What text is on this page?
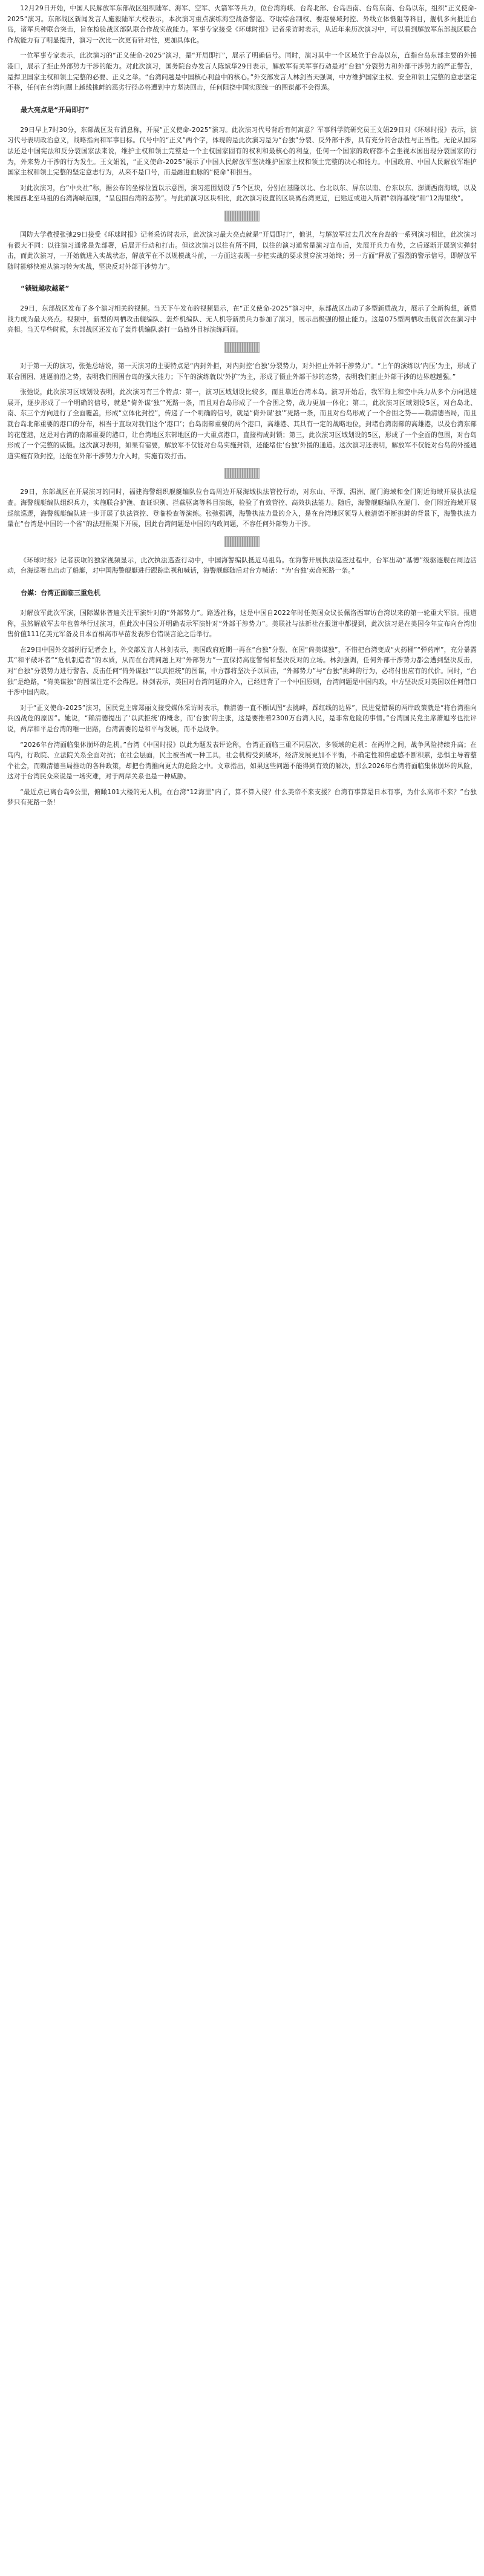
12月29日开始，中国人民解放军东部战区组织陆军、海军、空军、火箭军等兵力，位台湾海峡、台岛北部、台岛西南、台岛东南、台岛以东，组织“正义使命-2025”演习。东部战区新闻发言人施毅陆军大校表示，本次演习重点演练海空战备警巡、夺取综合制权、要港要域封控、外线立体慑阻等科目，舰机多向抵近台岛，诸军兵种联合突击，旨在检验战区部队联合作战实战能力。军事专家接受《环球时报》记者采访时表示，从近年来历次演习中，可以看到解放军东部战区联合作战能力有了明显提升，演习一次比一次更有针对性，更加具体化。

一位军事专家表示，此次演习的“正义使命-2025”演习，是“开局即打”，展示了明确信号。同时，演习其中一个区域位于台岛以东，直指台岛东部主要的外援港口，展示了拒止外部势力干涉的能力。对此次演习，国务院台办发言人陈斌华29日表示，解放军有关军事行动是对“台独”分裂势力和外部干涉势力的严正警告，是捍卫国家主权和领土完整的必要、正义之举。“台湾问题是中国核心利益中的核心。”外交部发言人林剑当天强调，中方维护国家主权、安全和领土完整的意志坚定不移，任何在台湾问题上越线挑衅的恶劣行径必将遭到中方坚决回击，任何阻挠中国实现统一的图谋都不会得逞。

最大亮点是“开局即打”

29日早上7时30分，东部战区发布消息称，开展“正义使命-2025”演习。此次演习代号背后有何寓意？军事科学院研究员王文娟29日对《环球时报》表示，演习代号表明政治意义，战略指向和军事目标。代号中的“正义”两个字，体现的是此次演习是为“台独”分裂、反外部干涉，具有充分的合法性与正当性。无论从国际法还是中国宪法和反分裂国家法来说，维护主权和领土完整是一个主权国家固有的权利和最核心的利益，任何一个国家的政府都不会坐视本国出现分裂国家的行为，外来势力干涉的行为发生。王文娟说，“正义使命-2025”展示了中国人民解放军坚决维护国家主权和领土完整的决心和能力。中国政府、中国人民解放军维护国家主权和领土完整的坚定意志行为，从来不是口号，而是融进血脉的“使命”和担当。

对此次演习，台“中央社”称，据公布的坐标位置以示意图，演习范围划设了5个区块，分别在基隆以北、台北以东、屏东以南、台东以东、澎湖西南海域，以及桃园西北至马祖的台湾海峡范围，“呈包围台湾的态势”。与此前演习区块相比，此次演习设置的区块离台湾更近，已贴近或进入所谓“领海基线”和“12海里线”。

国防大学教授张弛29日接受《环球时报》记者采访时表示，此次演习最大亮点就是“开局即打”，他说，与解放军过去几次在台岛的一系列演习相比，此次演习有很大不同：以往演习通常是先部署，后展开行动和打击。但这次演习以往有所不同，以往的演习通常是演习宣布后，先展开兵力布势，之后逐渐开展到实弹射击，而此次演习，一开始就进入实战状态，解放军在不以规模战斗前，一方面这表现一步把实战的要求贯穿演习始终；另一方面“释放了强烈的警示信号，即解放军随时能够快速从演习转为实战，坚决反对外部干涉势力”。

“锁链越收越紧”

29日，东部战区发布了多个演习相关的视频。当天下午发布的视频显示，在“正义使命-2025”演习中，东部战区出动了多型新质战力，展示了全新构想，新质战力成为最大亮点。视频中，新型的两栖攻击舰编队、轰炸机编队、无人机等新质兵力参加了演习，展示出极强的慑止能力。这是075型两栖攻击舰首次在演习中亮相。当天早些时候，东部战区还发布了轰炸机编队袭打一岛链外目标演练画面。

对于第一天的演习，张弛总结说，第一天演习的主要特点是“内封外拒，对内封控‘台独’分裂势力，对外拒止外部干涉势力”。“上午的演练以‘内压’为主，形成了联合围困、进逼前沿之势，表明我们围困台岛的强大能力；下午的演练就以‘外扩’为主，形成了慑止外部干涉的态势，表明我们拒止外部干涉的边界越越强。”

张弛说，此次演习区域划设表明，此次演习有三个特点：第一，演习区域划设比较多，而且靠近台湾本岛。演习开始后，我军海上和空中兵力从多个方向迅速展开，逐步形成了一个明确的信号，就是“倚外谋‘独’”死路一条，而且对台岛形成了一个合围之势，战力更加一体化；第二，此次演习区域划设5区，对台岛北、南、东三个方向进行了全面覆盖，形成“立体化封控”，传递了一个明确的信号，就是“倚外谋‘独’”死路一条，而且对台岛形成了一个合围之势——赖清德当局，而且就台岛北部重要的港口的分布，相当于直取对我们这个‘港口’；台岛南部重要的两个港口，高雄港、其具有一定的战略地位，封堵台湾南部的高雄港，以及台湾东部的花莲港，这是对台湾的南部重要的港口，让台湾地区东部地区的一大重点港口，直接构成封锁；第三，此次演习区域划设的5区，形成了一个全面的包围，对台岛形成了一个完整的威慑。这次演习表明，如果有需要，解放军不仅能对台岛实施封锁，还能堵住‘台独’外援的通道。这次演习还表明，解放军不仅能对台岛的外援通道实施有效封控，还能在外部干涉势力介入时，实施有效打击。

29日，东部战区在开展演习的同时，福建海警组织舰艇编队位台岛周边开展海域执法管控行动，对东山、平潭、湄洲、厦门海域和金门附近海域开展执法巡查。海警舰艇编队组织兵力，实施联合护渔、查证识别、拦截驱离等科目演练，检验了有效管控、高效执法能力。随后，海警舰艇编队在厦门、金门附近海域开展巡航巡逻，海警舰艇编队进一步开展了执法管控、登临检查等演练。张弛强调，海警执法力量的介入，是在台湾地区领导人赖清德不断挑衅的背景下，海警执法力量在“台湾是中国的一个省”的法理框架下开展，因此台湾问题是中国的内政问题，不容任何外部势力干涉。

《环球时报》记者获取的独家视频显示，此次执法巡查行动中，中国海警编队抵近马祖岛。在海警开展执法巡查过程中，台军出动“基德”级驱逐舰在周边活动，台海巡署也出动了船艇，对中国海警舰艇进行跟踪监视和喊话，海警舰艇随后对台方喊话：“为‘台独’卖命死路一条。”

台媒：台湾正面临三重危机

对解放军此次军演，国际媒体普遍关注军演针对的“外部势力”。路透社称，这是中国自2022年时任美国众议长佩洛西窜访台湾以来的第一轮重大军演。报道称，虽然解放军去年也曾举行过演习，但此次中国公开明确表示军演针对“外部干涉势力”。美联社与法新社在报道中都提到，此次演习是在美国今年宣布向台湾出售价值111亿美元军备及日本首相高市早苗发表涉台错误言论之后举行。

在29日中国外交部例行记者会上，外交部发言人林剑表示，美国政府近期一再在“台独”分裂、在国“倚美谋独”，不惜把台湾变成“火药桶”“弹药库”，充分暴露其“和平破坏者”“危机制造者”的本质，从而在台湾问题上对“外部势力”一直保持高度警惕和坚决反对的立场。林剑强调，任何外部干涉势力都会遭到坚决反击，对“台独”分裂势力进行警告、反击任何“倚外谋独”“以武拒统”的图谋，中方都将坚决予以回击，“外部势力”与“台独”挑衅的行为，必将付出应有的代价。同时，“台独”是绝路，“倚美谋独”的图谋注定不会得逞。林剑表示，美国对台湾问题的介入，已经违背了一个中国原则，台湾问题是中国内政，中方坚决反对美国以任何借口干涉中国内政。

对于“正义使命-2025”演习，国民党主席郑丽文接受媒体采访时表示，赖清德一直不断试图“去挑衅，踩红线的边界”，民进党错误的两岸政策就是“将台湾推向兵凶战危的原因”。她说，“赖清德提出了‘以武拒统’的概念，而‘台独’的主张，这是要推着2300万台湾人民，是非常危险的事情。”台湾国民党主席萧旭岑也批评说，两岸和平是台湾的唯一出路，台湾需要的是和平与发展，而不是战争。

“2026年台湾面临集体崩坏的危机。”台湾《中国时报》以此为题发表评论称，台湾正面临三重不同层次、多领域的危机：在两岸之间，战争风险持续升高；在岛内，行政院、立法院关系全面对抗；在社会层面，民主被当成一种工具，社会机构受到破坏，经济发展更加不平衡，不确定性和焦虑感不断积累，恐惧主导着整个社会，而赖清德当局推动的各种政策，却把台湾推向更大的危险之中。文章指出，如果这些问题不能得到有效的解决，那么2026年台湾将面临集体崩坏的风险，这对于台湾民众来说是一场灾难，对于两岸关系也是一种威胁。

“最近点已离台岛9公里，俯瞰101大楼的无人机，在台湾“12海里”内了，算不算入侵？什么美帝不来支援？台湾有事算是日本有事，为什么高市不来？”台独梦只有死路一条！
